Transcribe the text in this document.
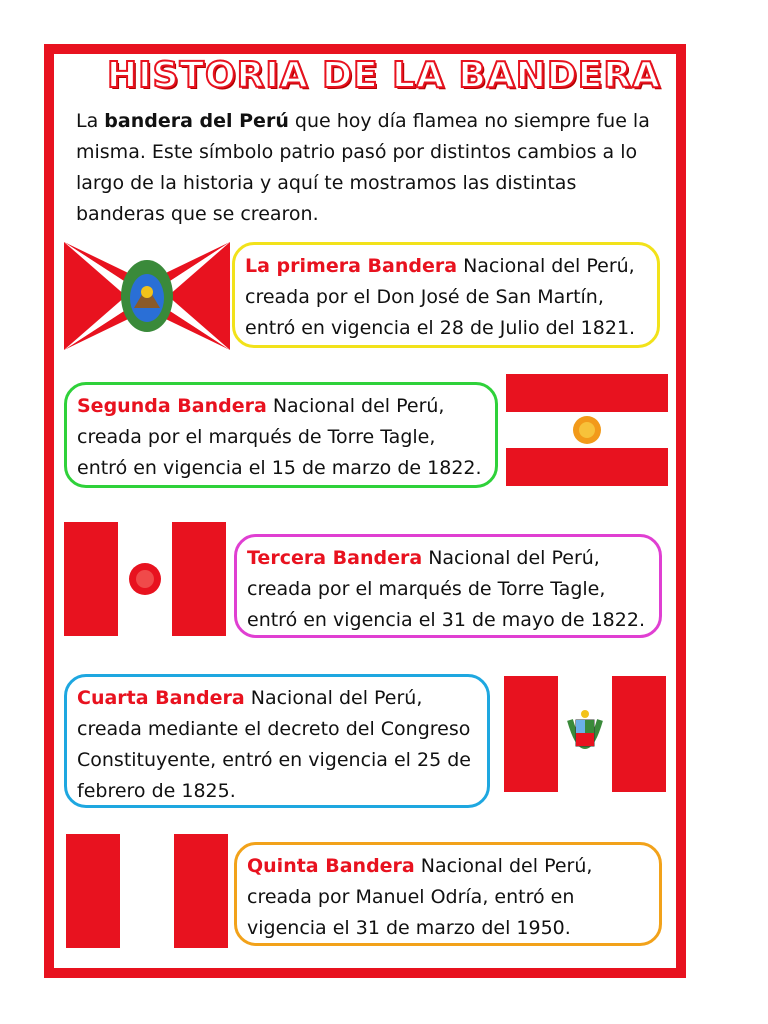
HISTORIA DE LA BANDERA
La bandera del Perú que hoy día flamea no siempre fue la misma. Este símbolo patrio pasó por distintos cambios a lo largo de la historia y aquí te mostramos las distintas banderas que se crearon.
La primera Bandera Nacional del Perú, creada por el Don José de San Martín, entró en vigencia el 28 de Julio del 1821.
Segunda Bandera Nacional del Perú, creada por el marqués de Torre Tagle, entró en vigencia el 15 de marzo de 1822.
Tercera Bandera Nacional del Perú, creada por el marqués de Torre Tagle, entró en vigencia el 31 de mayo de 1822.
Cuarta Bandera Nacional del Perú, creada mediante el decreto del Congreso Constituyente, entró en vigencia el 25 de febrero de 1825.
Quinta Bandera Nacional del Perú, creada por Manuel Odría, entró en vigencia el 31 de marzo del 1950.
